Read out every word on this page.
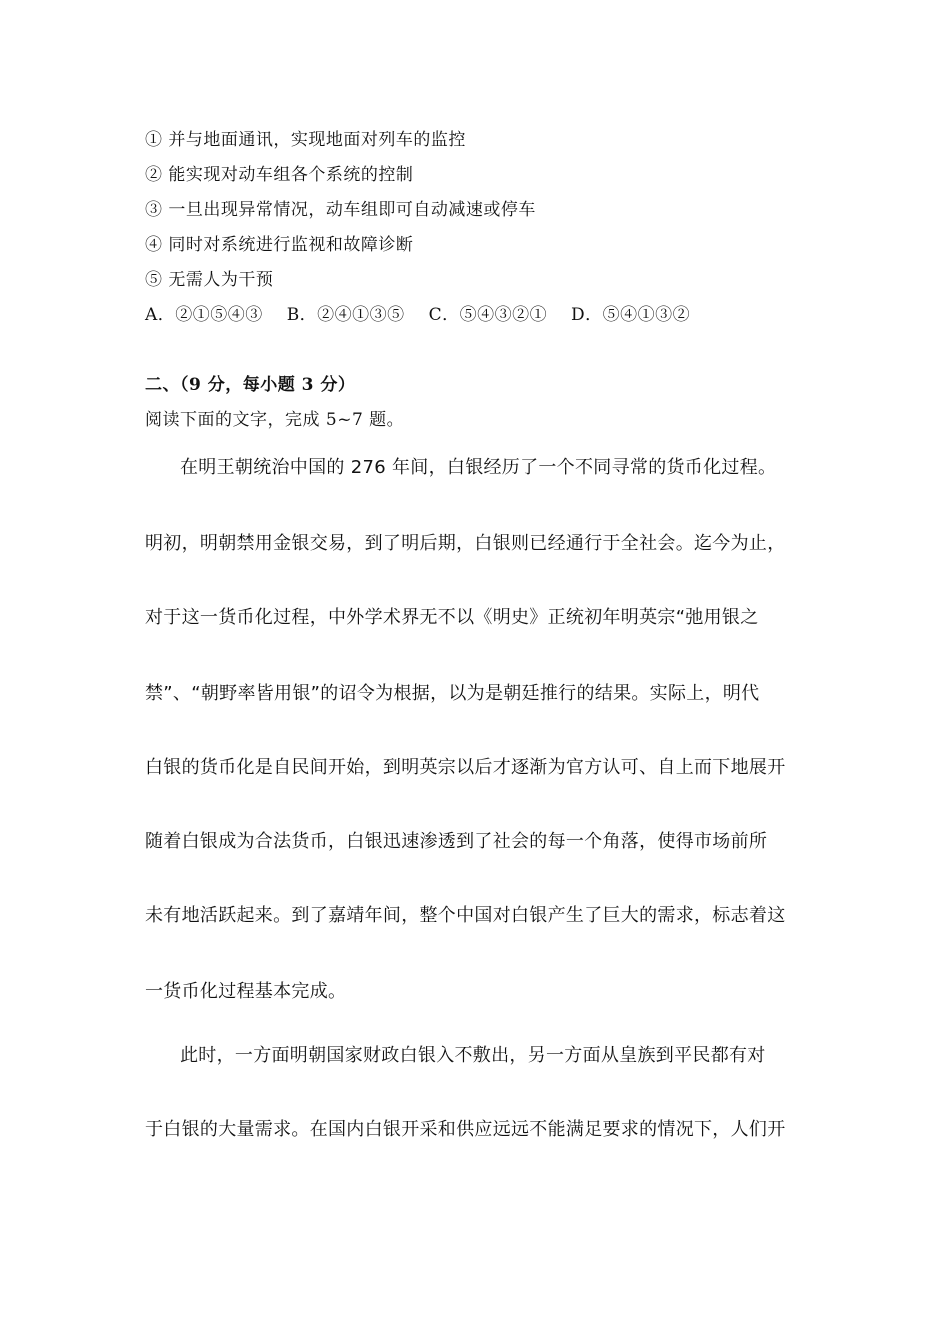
① 并与地面通讯，实现地面对列车的监控

② 能实现对动车组各个系统的控制

③ 一旦出现异常情况，动车组即可自动减速或停车

④ 同时对系统进行监视和故障诊断

⑤ 无需人为干预

A．②①⑤④③ B．②④①③⑤ C．⑤④③②① D．⑤④①③②

二、（9 分，每小题 3 分）

阅读下面的文字，完成 5~7 题。

在明王朝统治中国的 276 年间，白银经历了一个不同寻常的货币化过程。

明初，明朝禁用金银交易，到了明后期，白银则已经通行于全社会。迄今为止，

对于这一货币化过程，中外学术界无不以《明史》正统初年明英宗“弛用银之

禁”、“朝野率皆用银”的诏令为根据，以为是朝廷推行的结果。实际上，明代

白银的货币化是自民间开始，到明英宗以后才逐渐为官方认可、自上而下地展开

随着白银成为合法货币，白银迅速渗透到了社会的每一个角落，使得市场前所

未有地活跃起来。到了嘉靖年间，整个中国对白银产生了巨大的需求，标志着这

一货币化过程基本完成。

此时，一方面明朝国家财政白银入不敷出，另一方面从皇族到平民都有对

于白银的大量需求。在国内白银开采和供应远远不能满足要求的情况下，人们开
